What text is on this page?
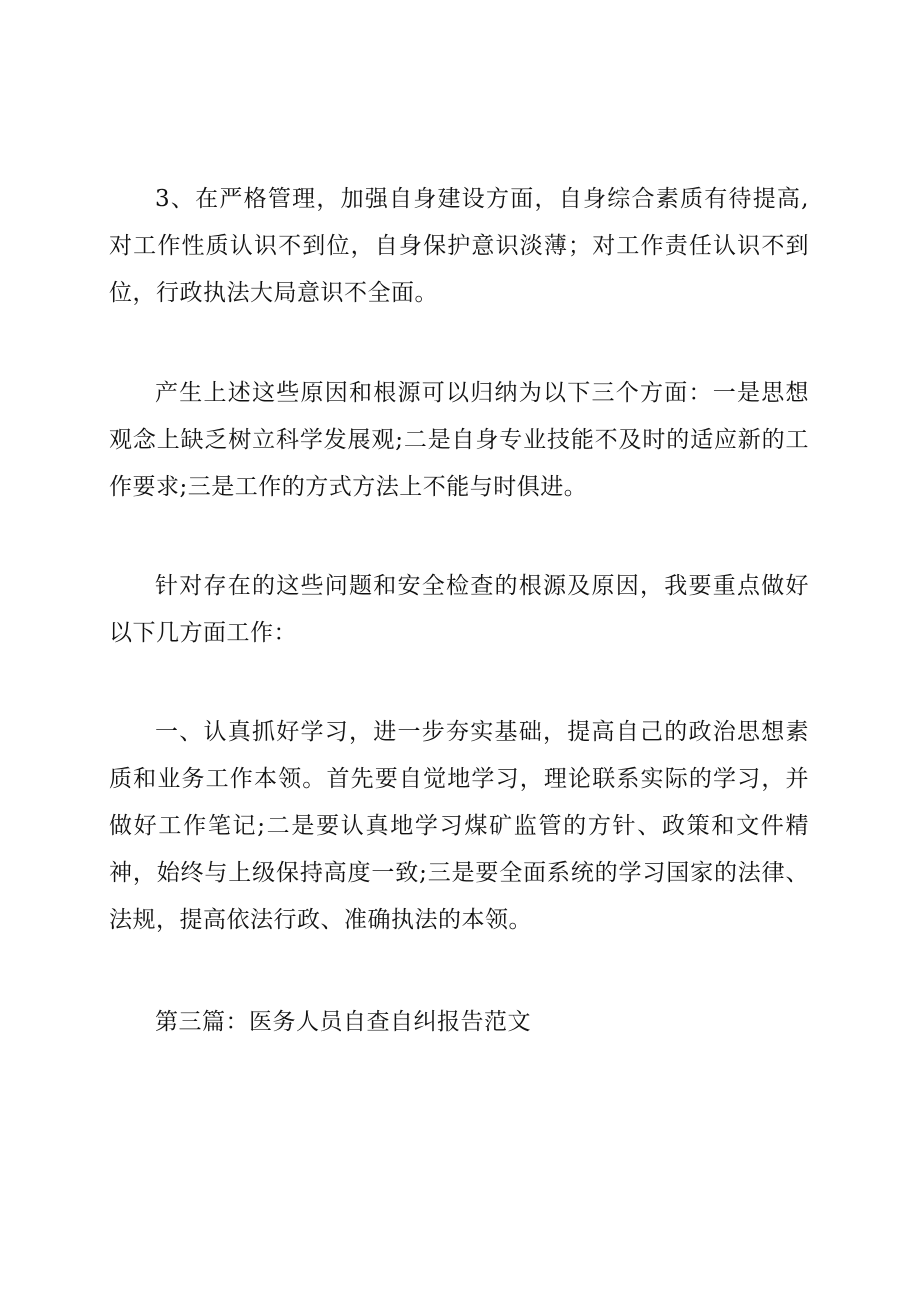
3、在严格管理，加强自身建设方面，自身综合素质有待提高,对工作性质认识不到位，自身保护意识淡薄；对工作责任认识不到位，行政执法大局意识不全面。

产生上述这些原因和根源可以归纳为以下三个方面：一是思想观念上缺乏树立科学发展观;二是自身专业技能不及时的适应新的工作要求;三是工作的方式方法上不能与时俱进。

针对存在的这些问题和安全检查的根源及原因，我要重点做好以下几方面工作：

一、认真抓好学习，进一步夯实基础，提高自己的政治思想素质和业务工作本领。首先要自觉地学习，理论联系实际的学习，并做好工作笔记;二是要认真地学习煤矿监管的方针、政策和文件精神，始终与上级保持高度一致;三是要全面系统的学习国家的法律、法规，提高依法行政、准确执法的本领。

第三篇：医务人员自查自纠报告范文
